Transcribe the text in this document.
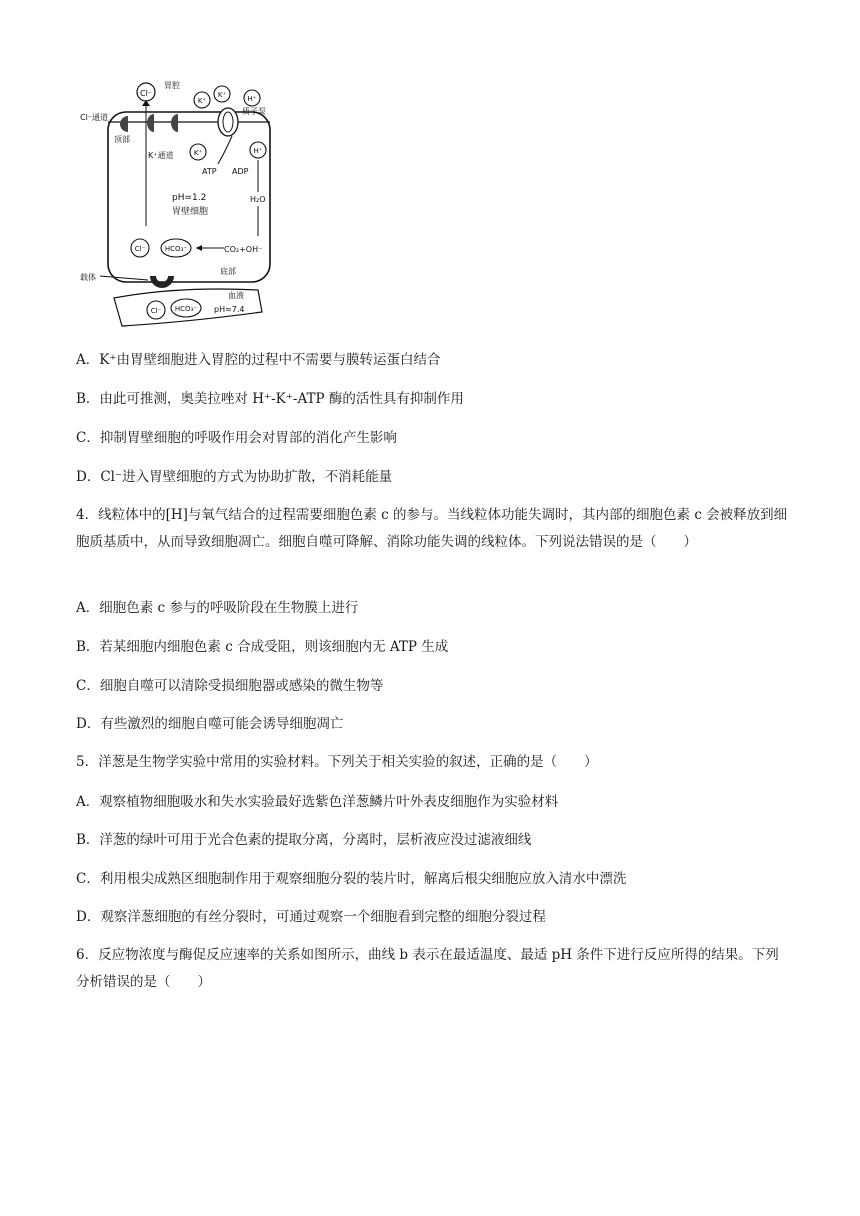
Cl⁻
胃腔
Cl⁻通道
顶部
K⁺通道
K⁺
K⁺
K⁺
H⁺
H⁺
质子泵
ATP ADP
pH=1.2
胃壁细胞
H₂O
Cl⁻	HCO₃⁻	CO₂+OH⁻
底部
载体
Cl⁻ HCO₃⁻
血液
pH≈7.4
A．K⁺由胃壁细胞进入胃腔的过程中不需要与膜转运蛋白结合
B．由此可推测，奥美拉唑对 H⁺-K⁺-ATP 酶的活性具有抑制作用
C．抑制胃壁细胞的呼吸作用会对胃部的消化产生影响
D．Cl⁻进入胃壁细胞的方式为协助扩散，不消耗能量
4．线粒体中的[H]与氧气结合的过程需要细胞色素 c 的参与。当线粒体功能失调时，其内部的细胞色素 c 会被释放到细胞质基质中，从而导致细胞凋亡。细胞自噬可降解、消除功能失调的线粒体。下列说法错误的是（　　）
A．细胞色素 c 参与的呼吸阶段在生物膜上进行
B．若某细胞内细胞色素 c 合成受阻，则该细胞内无 ATP 生成
C．细胞自噬可以清除受损细胞器或感染的微生物等
D．有些激烈的细胞自噬可能会诱导细胞凋亡
5．洋葱是生物学实验中常用的实验材料。下列关于相关实验的叙述，正确的是（　　）
A．观察植物细胞吸水和失水实验最好选紫色洋葱鳞片叶外表皮细胞作为实验材料
B．洋葱的绿叶可用于光合色素的提取分离，分离时，层析液应没过滤液细线
C．利用根尖成熟区细胞制作用于观察细胞分裂的装片时，解离后根尖细胞应放入清水中漂洗
D．观察洋葱细胞的有丝分裂时，可通过观察一个细胞看到完整的细胞分裂过程
6．反应物浓度与酶促反应速率的关系如图所示，曲线 b 表示在最适温度、最适 pH 条件下进行反应所得的结果。下列分析错误的是（　　）
